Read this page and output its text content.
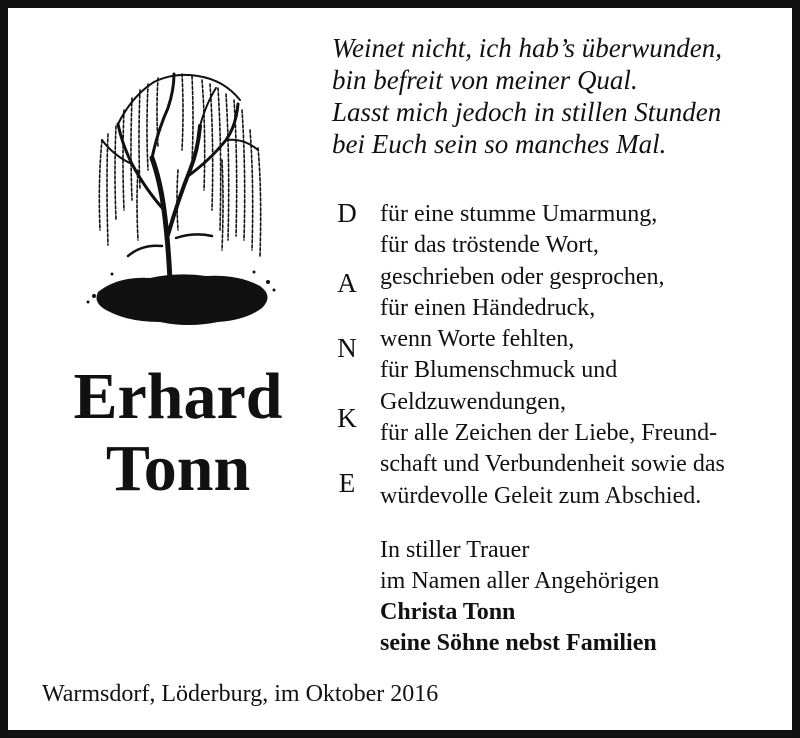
Erhard
Tonn
Weinet nicht, ich hab’s überwunden,
bin befreit von meiner Qual.
Lasst mich jedoch in stillen Stunden
bei Euch sein so manches Mal.
D
A
N
K
E
für eine stumme Umarmung,
für das tröstende Wort,
geschrieben oder gesprochen,
für einen Händedruck,
wenn Worte fehlten,
für Blumenschmuck und
Geldzuwendungen,
für alle Zeichen der Liebe, Freund-
schaft und Verbundenheit sowie das
würdevolle Geleit zum Abschied.
In stiller Trauer
im Namen aller Angehörigen
Christa Tonn
seine Söhne nebst Familien
Warmsdorf, Löderburg, im Oktober 2016
